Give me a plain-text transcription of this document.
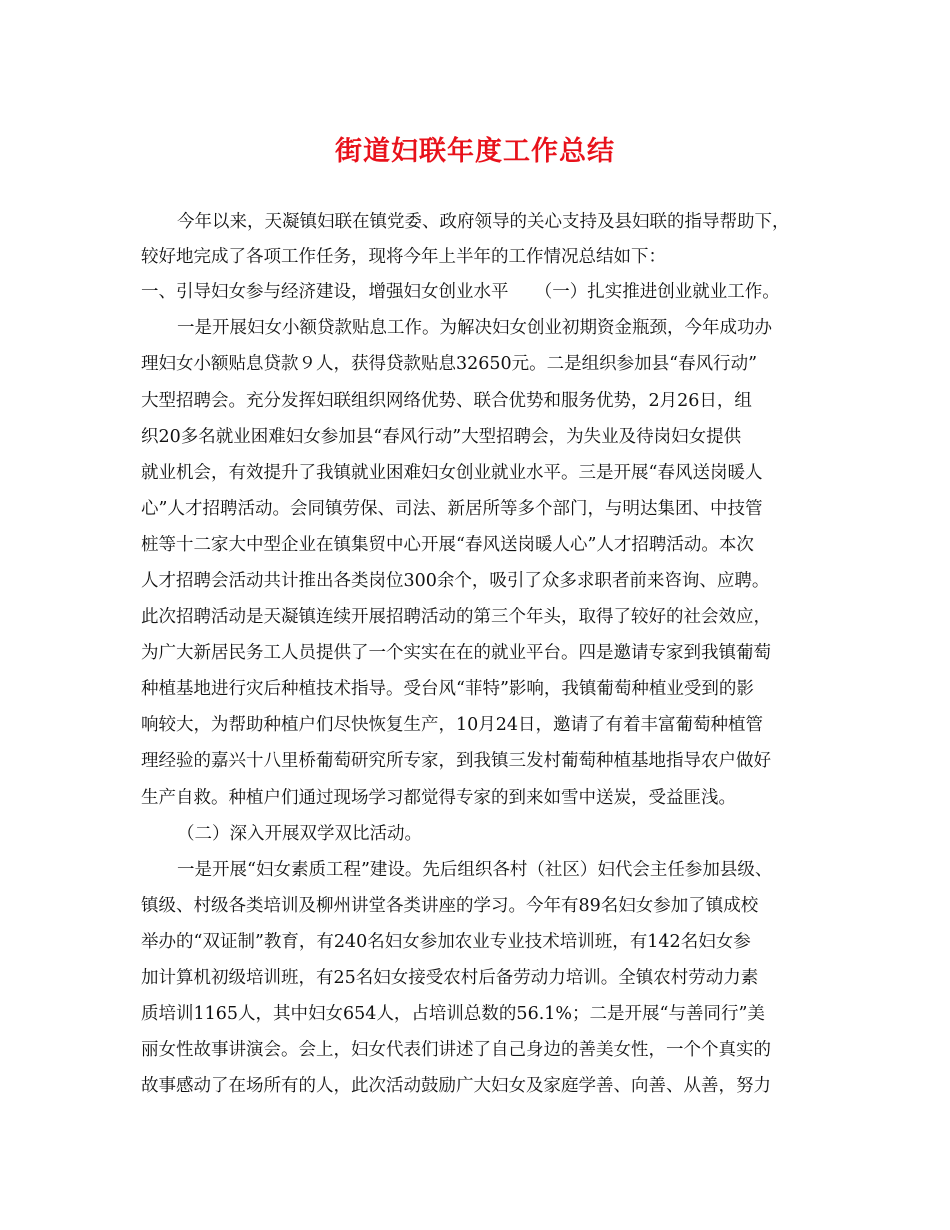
街道妇联年度工作总结
今年以来，天凝镇妇联在镇党委、政府领导的关心支持及县妇联的指导帮助下，
较好地完成了各项工作任务，现将今年上半年的工作情况总结如下：
一、引导妇女参与经济建设，增强妇女创业水平　　（一）扎实推进创业就业工作。
一是开展妇女小额贷款贴息工作。为解决妇女创业初期资金瓶颈，今年成功办
理妇女小额贴息贷款９人，获得贷款贴息32650元。二是组织参加县“春风行动”
大型招聘会。充分发挥妇联组织网络优势、联合优势和服务优势，2月26日，组
织20多名就业困难妇女参加县“春风行动”大型招聘会，为失业及待岗妇女提供
就业机会，有效提升了我镇就业困难妇女创业就业水平。三是开展“春风送岗暖人
心”人才招聘活动。会同镇劳保、司法、新居所等多个部门，与明达集团、中技管
桩等十二家大中型企业在镇集贸中心开展“春风送岗暖人心”人才招聘活动。本次
人才招聘会活动共计推出各类岗位300余个，吸引了众多求职者前来咨询、应聘。
此次招聘活动是天凝镇连续开展招聘活动的第三个年头，取得了较好的社会效应，
为广大新居民务工人员提供了一个实实在在的就业平台。四是邀请专家到我镇葡萄
种植基地进行灾后种植技术指导。受台风“菲特”影响，我镇葡萄种植业受到的影
响较大，为帮助种植户们尽快恢复生产，10月24日，邀请了有着丰富葡萄种植管
理经验的嘉兴十八里桥葡萄研究所专家，到我镇三发村葡萄种植基地指导农户做好
生产自救。种植户们通过现场学习都觉得专家的到来如雪中送炭，受益匪浅。
（二）深入开展双学双比活动。
一是开展“妇女素质工程”建设。先后组织各村（社区）妇代会主任参加县级、
镇级、村级各类培训及柳州讲堂各类讲座的学习。今年有89名妇女参加了镇成校
举办的“双证制”教育，有240名妇女参加农业专业技术培训班，有142名妇女参
加计算机初级培训班，有25名妇女接受农村后备劳动力培训。全镇农村劳动力素
质培训1165人，其中妇女654人，占培训总数的56.1%；二是开展“与善同行”美
丽女性故事讲演会。会上，妇女代表们讲述了自己身边的善美女性，一个个真实的
故事感动了在场所有的人，此次活动鼓励广大妇女及家庭学善、向善、从善，努力
